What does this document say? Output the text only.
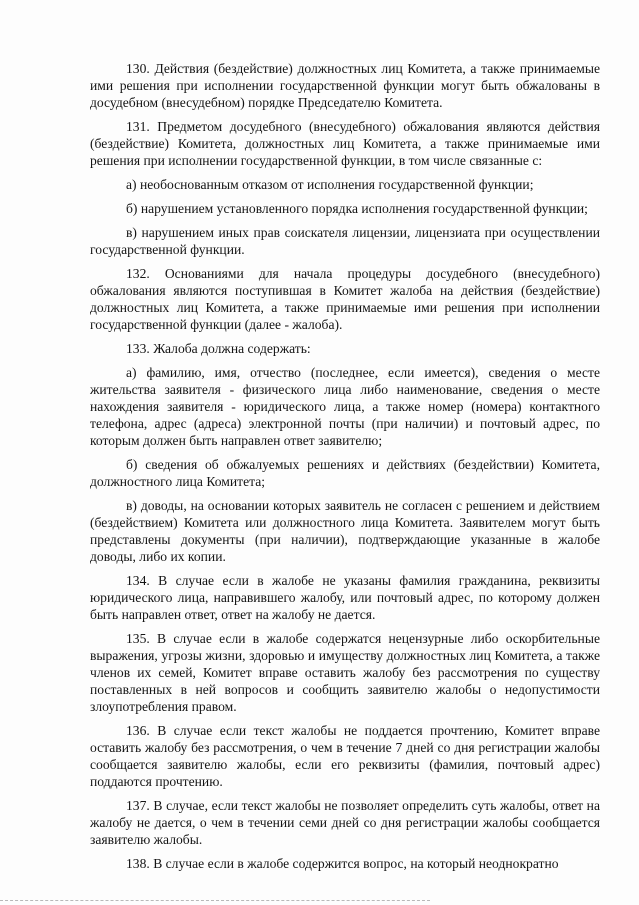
130. Действия (бездействие) должностных лиц Комитета, а также принимаемые ими решения при исполнении государственной функции могут быть обжалованы в досудебном (внесудебном) порядке Председателю Комитета.

131. Предметом досудебного (внесудебного) обжалования являются действия (бездействие) Комитета, должностных лиц Комитета, а также принимаемые ими решения при исполнении государственной функции, в том числе связанные с:

а) необоснованным отказом от исполнения государственной функции;

б) нарушением установленного порядка исполнения государственной функции;

в) нарушением иных прав соискателя лицензии, лицензиата при осуществлении государственной функции.

132. Основаниями для начала процедуры досудебного (внесудебного) обжалования являются поступившая в Комитет жалоба на действия (бездействие) должностных лиц Комитета, а также принимаемые ими решения при исполнении государственной функции (далее - жалоба).

133. Жалоба должна содержать:

а) фамилию, имя, отчество (последнее, если имеется), сведения о месте жительства заявителя - физического лица либо наименование, сведения о месте нахождения заявителя - юридического лица, а также номер (номера) контактного телефона, адрес (адреса) электронной почты (при наличии) и почтовый адрес, по которым должен быть направлен ответ заявителю;

б) сведения об обжалуемых решениях и действиях (бездействии) Комитета, должностного лица Комитета;

в) доводы, на основании которых заявитель не согласен с решением и действием (бездействием) Комитета или должностного лица Комитета. Заявителем могут быть представлены документы (при наличии), подтверждающие указанные в жалобе доводы, либо их копии.

134. В случае если в жалобе не указаны фамилия гражданина, реквизиты юридического лица, направившего жалобу, или почтовый адрес, по которому должен быть направлен ответ, ответ на жалобу не дается.

135. В случае если в жалобе содержатся нецензурные либо оскорбительные выражения, угрозы жизни, здоровью и имуществу должностных лиц Комитета, а также членов их семей, Комитет вправе оставить жалобу без рассмотрения по существу поставленных в ней вопросов и сообщить заявителю жалобы о недопустимости злоупотребления правом.

136. В случае если текст жалобы не поддается прочтению, Комитет вправе оставить жалобу без рассмотрения, о чем в течение 7 дней со дня регистрации жалобы сообщается заявителю жалобы, если его реквизиты (фамилия, почтовый адрес) поддаются прочтению.

137. В случае, если текст жалобы не позволяет определить суть жалобы, ответ на жалобу не дается, о чем в течении семи дней со дня регистрации жалобы сообщается заявителю жалобы.

138. В случае если в жалобе содержится вопрос, на который неоднократно
